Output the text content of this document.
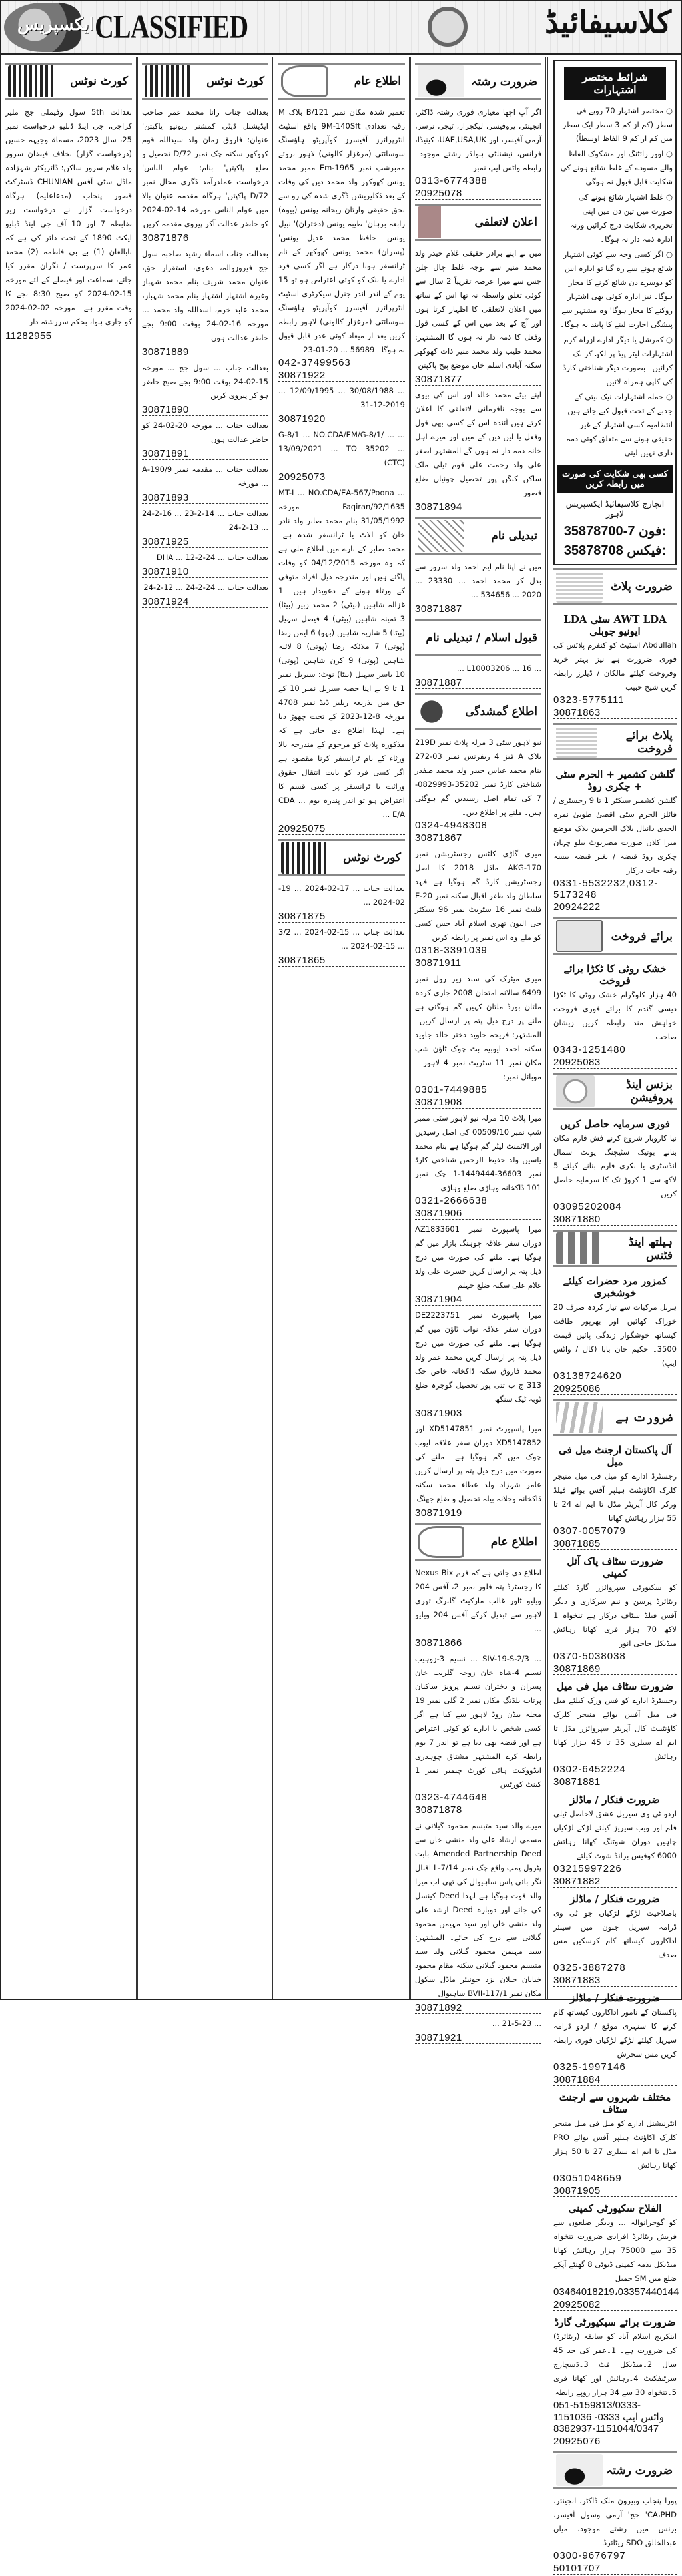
ایکسپریس CLASSIFIED	کلاسیفائیڈ
کورٹ نوٹس
بعدالت 5th سول وفیملی جج ملیر کراچی، جی اینڈ ڈبلیو درخواست نمبر 25، سال 2023، مسماۃ وجیہہ حسین (درخواست گزار) بخلاف فیضان سرور ولد غلام سرور ساکن: ڈائریکٹر شہزادہ ماڈل سٹی آفس CHUNIAN ڈسٹرکٹ قصور پنجاب (مدعاعلیہ) ہرگاہ درخواست گزار نے درخواست زیر ضابطہ 7 اور 10 آف جی اینڈ ڈبلیو ایکٹ 1890 کے تحت دائر کی ہے کہ نابالغان (1) بے بی فاطمہ (2) محمد عمر کا سرپرست / نگران مقرر کیا جائے، سماعت اور فیصلے کے لئے مورخہ 15-02-2024 کو صبح 8:30 بجے کا وقت مقرر ہے۔ مورخہ 02-02-2024 کو جاری ہوا، بحکم سررشتہ دار
11282955
کورٹ نوٹس
بعدالت جناب رانا محمد عمر صاحب ایڈیشنل ڈپٹی کمشنر ریونیو پاکپتن' عنوان: فاروق زمان ولد سیداللہ قوم کھوکھر سکنہ چک نمبر 72/D تحصیل و ضلع پاکپتن' بنام: عوام الناس' درخواست عملدرآمد ڈگری محال نمبر 72/D پاکپتن' ہرگاہ مقدمہ عنوان بالا میں عوام الناس مورخہ 14-02-2024 کو حاضر عدالت آکر پیروی مقدمہ کریں
30871876
بعدالت جناب اسماء رشید صاحبہ سول جج فیروزوالہ، دعوی، استقرار حق، عنوان محمد شریف بنام محمد شہباز وغیرہ اشتہار اشتہار بنام محمد شہباز، محمد عابد خرم، اسداللہ ولد محمد ... مورخہ 16-02-24 بوقت 9:00 بجے حاضر عدالت ہوں
30871889
بعدالت جناب ... سول جج ... مورخہ 15-02-24 بوقت 9:00 بجے صبح حاضر ہو کر پیروی کریں
30871890
بعدالت جناب ... مورخہ 20-02-24 کو حاضر عدالت ہوں
30871891
بعدالت جناب ... مقدمہ نمبر 190/9-A ... مورخہ
30871893
بعدالت جناب ... 14-2-23 ... 16-2-24 ... 13-2-24
30871925
بعدالت جناب ... DHA ... 12-2-24
30871910
بعدالت جناب ... 24-2-24 ... 12-2-24
30871924
اطلاع عام
تعمیر شدہ مکان نمبر 121/B بلاک M رقبہ تعدادی 9M-140Sft واقع اسٹیٹ انٹرپرائزز آفیسرز کوآپریٹو ہاؤسنگ سوسائٹی (مرغزار کالونی) لاہور بروئے ممبرشپ نمبر Em-1965 ممبر محمد یونس کھوکھر ولد محمد دین کی وفات کے بعد ڈکلیریشن ڈگری شدہ کی رو سے بحق حقیقی وارثان ریحانہ یونس (بیوہ) رابعہ برہان' طیبہ یونس (دختران)' نبیل یونس' حافظ محمد عدیل یونس' (پسران) محمد یونس کھوکھر کے نام ٹرانسفر ہونا درکار ہے اگر کسی فرد ادارے یا بنک کو کوئی اعتراض ہو تو 15 یوم کے اندر اندر جنرل سیکرٹری اسٹیٹ انٹرپرائزز آفیسرز کوآپریٹو ہاؤسنگ سوسائٹی (مرغزار کالونی) لاہور رابطہ کریں بعد از میعاد کوئی عذر قابل قبول نہ ہوگا۔ 56989 ... 20-01-23
042-37499563
30871922
... 30/08/1988 ... 12/09/1995 ... 31-12-2019
30871920
... G-8/1 ... NO.CDA/EM/G-8/1/ ... 13/09/2021 ... TO 35202 ... (CTC)
20925073
... MT-I ... NO.CDA/EA-567/Poona Faqiran/92/1635 مورخہ 31/05/1992 بنام محمد صابر ولد نادر خان کو الاٹ یا ٹرانسفر شدہ ہے۔ محمد صابر کے بارے میں اطلاع ملی ہے کہ وہ مورخہ 04/12/2015 کو وفات پاگئے ہیں اور مندرجہ ذیل افراد متوفی کے ورثاء ہونے کے دعویدار ہیں۔ 1 غزالہ شاہین (بیٹی) 2 محمد زبیر (بیٹا) 3 ثمینہ شاہین (بیٹی) 4 فیصل سہیل (بیٹا) 5 شازیہ شاہین (بہو) 6 ایمن رضا (پوتی) 7 ملائکہ رضا (پوتی) 8 لائبہ شاہین (پوتی) 9 کرن شاہین (پوتی) 10 یاسر سہیل (بیٹا) نوٹ: سیریل نمبر 1 تا 9 نے اپنا حصہ سیریل نمبر 10 کے حق میں بذریعہ ریلیز ڈیڈ نمبر 4708 مورخہ 8-12-2023 کے تحت چھوڑ دیا ہے۔ لہذا اطلاع دی جاتی ہے کہ مذکورہ پلاٹ کو مرحوم کے مندرجہ بالا ورثاء کے نام ٹرانسفر کرنا مقصود ہے اگر کسی فرد کو بابت انتقال حقوق وراثت یا ٹرانسفر پر کسی قسم کا اعتراض ہو تو اندر پندرہ یوم ... CDA ... E/A
20925075
کورٹ نوٹس
بعدالت جناب ... 17-02-2024 ... 19-02-2024 ...
30871875
بعدالت جناب ... 15-02-2024 ... 3/2 ... 15-02-2024 ...
30871865
ضرورت رشتہ
اگر آپ اچھا معیاری فوری رشتہ ڈاکٹر، انجینئر، پروفیسر، لیکچرار، ٹیچر، نرسز، آرمی آفیسر، اور UAE,USA,UK، کینیڈا، فرانس، نیشنلٹی ہولڈر رشتے موجود۔ رابطہ واٹس ایپ نمبر
0313-6774388
20925078
اعلان لاتعلقی
میں نے اپنے برادر حقیقی غلام حیدر ولد محمد منیر سے بوجہ غلط چال چلن جس سے میرا عرصہ تقریباً 2 سال سے کوئی تعلق واسطہ نہ تھا اس کے ساتھ میں اعلان لاتعلقی کا اظہار کرتا ہوں اور آج کے بعد میں اس کے کسی قول وفعل کا ذمہ دار نہ ہوں گا المشتہر: محمد طیب ولد محمد منیر ذات کھوکھر سکنہ آبادی اسلم خاں موضع پیج پاکپتن
30871877
اپنے بیٹے محمد خالد اور اس کی بیوی سے بوجہ نافرمانی لاتعلقی کا اعلان کرتے ہیں آئندہ اس کے کسی بھی قول وفعل یا لین دین کے میں اور میرے اہل خانہ ذمہ دار نہ ہوں گے المشتہر اصغر علی ولد رحمت علی قوم تیلی ملک ساکن کنگن پور تحصیل چونیاں ضلع قصور
30871894
تبدیلی نام
میں نے اپنا نام ایم احمد ولد سرور سے بدل کر محمد احمد ... 23330 ... 2020 ... 534656 ...
30871887
قبول اسلام / تبدیلی نام
... L10003206 ... 16 ...
30871887
اطلاع گمشدگی
نیو لاہور سٹی 3 مرلہ پلاٹ نمبر 219D بلاک A فیز 4 ریفرنس نمبر 03-272 بنام محمد عباس حیدر ولد محمد صفدر شناختی کارڈ نمبر 35202-0829993-7 کی تمام اصل رسیدیں گم ہوگئی ہیں۔ ملنے پر اطلاع دیں۔
0324-4948308
30871867
میری گاڑی کلٹس رجسٹریشن نمبر AKG-170 ماڈل 2018 کا اصل رجسٹریشن کارڈ گم ہوگیا ہے فہد سلطان ولد ظفر اقبال سکنہ نمبر E-20 فلیٹ نمبر 16 سٹریٹ نمبر 96 سیکٹر جی الیون تھری اسلام آباد جس کسی کو ملے وہ اس نمبر پر رابطہ کریں
0318-3391039
30871911
میری میٹرک کی سند زیر رول نمبر 6499 سالانہ امتحان 2008 جاری کردہ ملتان بورڈ ملتان کہیں گم ہوگئی ہے ملنے پر درج ذیل پتہ پر ارسال کریں۔ المشتہر: فریحہ جاوید دختر خالد جاوید سکنہ احمد ایوبیہ بٹ چوک ٹاؤن شپ مکان نمبر 11 سٹریٹ نمبر 4 لاہور ۔موبائل نمبر:
0301-7449885
30871908
میرا پلاٹ 10 مرلہ نیو لاہور سٹی ممبر شپ نمبر 00509/10 کی اصل رسیدیں اور الاٹمنٹ لیٹر گم ہوگیا ہے بنام محمد یاسین ولد حفیظ الرحمن شناختی کارڈ نمبر 36603-1449444-1 چک نمبر 101 ڈاکخانہ وہاڑی ضلع وہاڑی
0321-2666638
30871906
میرا پاسپورٹ نمبر AZ1833601 دوران سفر علاقہ چوہنگ بازار میں گم ہوگیا ہے۔ ملنے کی صورت میں درج ذیل پتہ پر ارسال کریں حسرت علی ولد غلام علی سکنہ ضلع جہلم
30871904
میرا پاسپورٹ نمبر DE2223751 دوران سفر علاقہ نواب ٹاؤن میں گم ہوگیا ہے۔ ملنے کی صورت میں درج ذیل پتہ پر ارسال کریں محمد عمر ولد محمد فاروق سکنہ ڈاکخانہ خاص چک 313 ج ب تتی پور تحصیل گوجرہ ضلع ٹوبہ ٹیک سنگھ
30871903
میرا پاسپورٹ نمبر XD5147851 اور XD5147852 دوران سفر علاقہ ایوب چوک میں گم ہوگیا ہے۔ ملنے کی صورت میں درج ذیل پتہ پر ارسال کریں عامر شہزاد ولد عطاء محمد سکنہ ڈاکخانہ وجلانہ بیلہ تحصیل و ضلع جھنگ
30871919
اطلاع عام
اطلاع دی جاتی ہے کہ فرم Nexus Bix کا رجسٹرڈ پتہ فلور نمبر 2، آفس 204 ویلیو ٹاور غالب مارکیٹ گلبرگ تھری لاہور سے تبدیل کرکے آفس 204 ویلیو ...
30871866
... SIV-19-S-2/3 ... نسیم 3-زوہیب نسیم 4-شاہ خان زوجہ گلریب خان پسران و دختران نسیم پرویز ساکنان پرتاب بلڈنگ مکان نمبر 2 گلی نمبر 19 محلہ بیڈن روڈ لاہور سے کیا ہے اگر کسی شخص یا ادارے کو کوئی اعتراض ہے اور قبضہ بھی دیا ہے تو اندر 7 یوم رابطہ کرے المشتہر مشتاق چوہدری ایڈووکیٹ ہائی کورٹ چیمبر نمبر 1 کینٹ کورٹس
0323-4744648
30871878
میرے والد سید متبسم محمود گیلانی نے مسمی ارشاد علی ولد منشی خاں سے Amended Partnership Deed بابت پٹرول پمپ واقع چک نمبر 7/14-L اقبال نگر بائی پاس ساہیوال کی تھی اب میرا والد فوت ہوگیا ہے لہذا Deed کینسل کی جائے اور دوبارہ Deed ارشد علی ولد منشی خاں اور سید مہیمن محمود گیلانی سے درج کی جائے۔ المشتہر: سید مہیمن محمود گیلانی ولد سید متبسم محمود گیلانی سکنہ مقام محمود خیابان جیلان نزد جونیئر ماڈل سکول مکان نمبر 117/1-BVII ساہیوال
30871892
... 21-5-23 ...
30871921
شرائط مختصر اشتہارات
○ مختصر اشتہار 70 روپے فی سطر (کم از کم 3 سطر ایک سطر میں کم از کم 9 الفاظ اوسطاً)
○ اوور رائٹنگ اور مشکوک الفاظ والے مسودے کے غلط شائع ہونے کی شکایت قابل قبول نہ ہوگی۔
○ غلط اشتہار شائع ہونے کی صورت میں تین دن میں اپنی تحریری شکایت درج کرائیں ورنہ ادارہ ذمہ دار نہ ہوگا۔
○ اگر کسی وجہ سے کوئی اشتہار شائع ہونے سے رہ گیا تو ادارہ اس کو دوسرے دن شائع کرنے کا مجاز ہوگا۔ نیز ادارہ کوئی بھی اشتہار روکنے کا مجاز ہوگا' وہ مشتہر سے پیشگی اجازت لینے کا پابند نہ ہوگا۔
○ کمرشل یا دیگر ادارے ازراہ کرم اشتہارات لیٹر پیڈ پر لکھ کر بک کرائیں۔ بصورت دیگر شناختی کارڈ کی کاپی ہمراہ لائیں۔
○ جملہ اشتہارات نیک نیتی کے جذبے کے تحت قبول کیے جاتے ہیں انتظامیہ کسی اشتہار کے غیر حقیقی ہونے سے متعلق کوئی ذمہ داری نہیں لیتی۔
کسی بھی شکایت کی صورت میں رابطہ کریں
انچارج کلاسیفائیڈ ایکسپریس لاہور
35878700-7 فون:
35878708 فیکس:
ضرورت پلاٹ
AWT LDA سٹی LDA ایونیو جوبلی
Abdullah اسٹیٹ کو کنفرم پلاٹس کی فوری ضرورت ہے نیز بہتر خرید وفروخت کیلئے مالکان / ڈیلرز رابطہ کریں شیخ حبیب
0323-5775111
30871863
پلاٹ برائے فروخت
گلشن کشمیر + الحرم سٹی + چکری روڈ
گلشن کشمیر سیکٹر 1 تا 9 رجسٹری / فائلز الحرم سٹی اقصیٰ طوبیٰ نمرہ الحدیٰ دانیال بلاک الحرمین بلاک موضع میرا کلاں صورت مصریوٹ بیلو چہان چکری روڈ قبضہ / بغیر قبضہ بیسہ رقبہ جات درکار
0331-5532232,0312-5173248
20924222
برائے فروخت
خشک روٹی کا ٹکڑا برائے فروخت
40 ہزار کلوگرام خشک روٹی کا ٹکڑا دیسی گندم کا برائے فوری فروخت خواہش مند رابطہ کریں زیشان صاحب
0343-1251480
20925083
بزنس اینڈ پروفیشن
فوری سرمایہ حاصل کریں
نیا کاروبار شروع کرنے فش فارم مکان بنانے بوتیک سٹیچنگ یونٹ سمال انڈسٹری یا بکری فارم بنانے کیلئے 5 لاکھ سے 1 کروڑ تک کا سرمایہ حاصل کریں
03095202084
30871880
ہیلتھ اینڈ فٹنس
کمزور مرد حضرات کیلئے خوشخبری
ہربل مرکبات سے تیار کردہ صرف 20 خوراک کھائیں اور بھرپور طاقت کیساتھ خوشگوار زندگی پائیں قیمت 3500۔ حکیم خان بابا (کال / واٹس ایپ)
03138724620
20925086
ضرورت ہے
آل پاکستان ارجنٹ میل فی میل
رجسٹرڈ ادارے کو میل فی میل منیجر کلرک اکاؤنٹنٹ ہیلپر آفس بوائے فیلڈ ورکر کال آپریٹر مڈل تا ایم اے 24 تا 55 ہزار رہائش کھانا
0307-0057079
30871885
ضرورت سٹاف پاک آئل کمپنی
کو سکیورٹی سپروائزر گارڈ کیلئے ریٹائرڈ پرسن و نیم سرکاری و دیگر آفس فیلڈ سٹاف درکار ہے تنخواہ 1 لاکھ 70 ہزار فری کھانا رہائش میڈیکل حاجی انور
0370-5038038
30871869
ضرورت سٹاف میل فی میل
رجسٹرڈ ادارے کو فس ورک کیلئے میل فی میل آفس بوائے منیجر کلرک کاؤنٹینٹ کال آپریٹر سپروائزر مڈل تا ایم اے سیلری 35 تا 45 ہزار کھانا رہائش
0302-6452224
30871881
ضرورت فنکار / ماڈلز
اردو ٹی وی سیریل عشق لاحاصل ٹیلی فلم اور ویب سیریز کیلئے لڑکے لڑکیاں چاہیں دوران شوٹنگ کھانا رہائش 6000 کوفیس برانڈ شوٹ کیلئے
03215997226
30871882
ضرورت فنکار / ماڈلز
باصلاحیت لڑکے لڑکیاں جو ٹی وی ڈرامہ سیریل جنون میں سینئر اداکاروں کیساتھ کام کرسکیں مس صدف
0325-3887278
30871883
ضرورت فنکار / ماڈلز
پاکستان کے نامور اداکاروں کیساتھ کام کرنے کا سنہری موقع / اردو ڈرامہ سیریل کیلئے لڑکے لڑکیاں فوری رابطہ کریں مس سحرش
0325-1997146
30871884
مختلف شہروں سے ارجنٹ سٹاف
انٹرنیشنل ادارے کو میل فی میل منیجر کلرک اکاؤنٹ ہیلپر آفس بوائے PRO مڈل تا ایم اے سیلری 27 تا 50 ہزار کھانا رہائش
03051048659
30871905
الفلاح سکیورٹی کمپنی
کو گوجرانوالہ ... ودیگر ضلعوں سے فریش ریٹائرڈ افرادی ضرورت تنخواہ 35 سے 75000 ہزار رہائش کھانا میڈیکل بذمہ کمپنی ڈیوٹی 8 گھنٹے آپکے ضلع میں SM جمیل
03464018219،03357440144
20925082
ضرورت برائے سیکیورٹی گارڈ
اینکریج اسلام آباد کو سابقہ (ریٹائرڈ) کی ضرورت ہے۔ 1۔عمر کی حد 45 سال 2۔میڈیکل فٹ 3۔ڈسچارج سرٹیفکیٹ 4۔رہائش اور کھانا فری 5۔تنخواہ 30 سے 34 ہزار روپے رابطہ
051-5159813/0333-1151036 واٹس ایپ 0333-1151044/0347-8382937
20925076
ضرورت رشتہ
پورا پنجاب وبیرون ملک ڈاکٹر، انجینئر، CA،PHD' جج' آرمی وسول آفیسر، بزنس مین رشتے موجود، میاں عبدالخالق SDO ریٹائرڈ
0300-9676797
50101707
